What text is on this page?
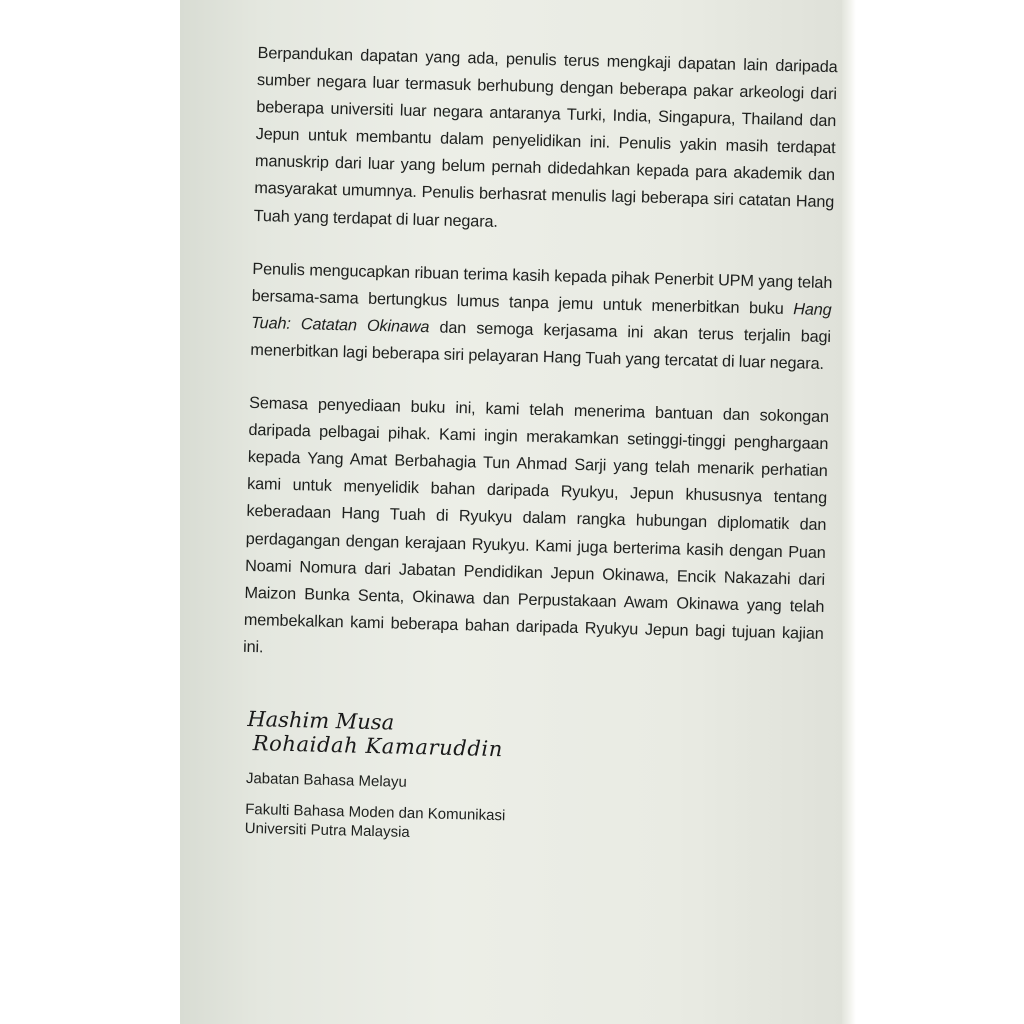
Berpandukan dapatan yang ada, penulis terus mengkaji dapatan lain daripada sumber negara luar termasuk berhubung dengan beberapa pakar arkeologi dari beberapa universiti luar negara antaranya Turki, India, Singapura, Thailand dan Jepun untuk membantu dalam penyelidikan ini. Penulis yakin masih terdapat manuskrip dari luar yang belum pernah didedahkan kepada para akademik dan masyarakat umumnya. Penulis berhasrat menulis lagi beberapa siri catatan Hang Tuah yang terdapat di luar negara.

Penulis mengucapkan ribuan terima kasih kepada pihak Penerbit UPM yang telah bersama-sama bertungkus lumus tanpa jemu untuk menerbitkan buku Hang Tuah: Catatan Okinawa dan semoga kerjasama ini akan terus terjalin bagi menerbitkan lagi beberapa siri pelayaran Hang Tuah yang tercatat di luar negara.

Semasa penyediaan buku ini, kami telah menerima bantuan dan sokongan daripada pelbagai pihak. Kami ingin merakamkan setinggi-tinggi penghargaan kepada Yang Amat Berbahagia Tun Ahmad Sarji yang telah menarik perhatian kami untuk menyelidik bahan daripada Ryukyu, Jepun khususnya tentang keberadaan Hang Tuah di Ryukyu dalam rangka hubungan diplomatik dan perdagangan dengan kerajaan Ryukyu. Kami juga berterima kasih dengan Puan Noami Nomura dari Jabatan Pendidikan Jepun Okinawa, Encik Nakazahi dari Maizon Bunka Senta, Okinawa dan Perpustakaan Awam Okinawa yang telah membekalkan kami beberapa bahan daripada Ryukyu Jepun bagi tujuan kajian ini.

Hashim Musa
Rohaidah Kamaruddin
Jabatan Bahasa Melayu
Fakulti Bahasa Moden dan Komunikasi
Universiti Putra Malaysia
